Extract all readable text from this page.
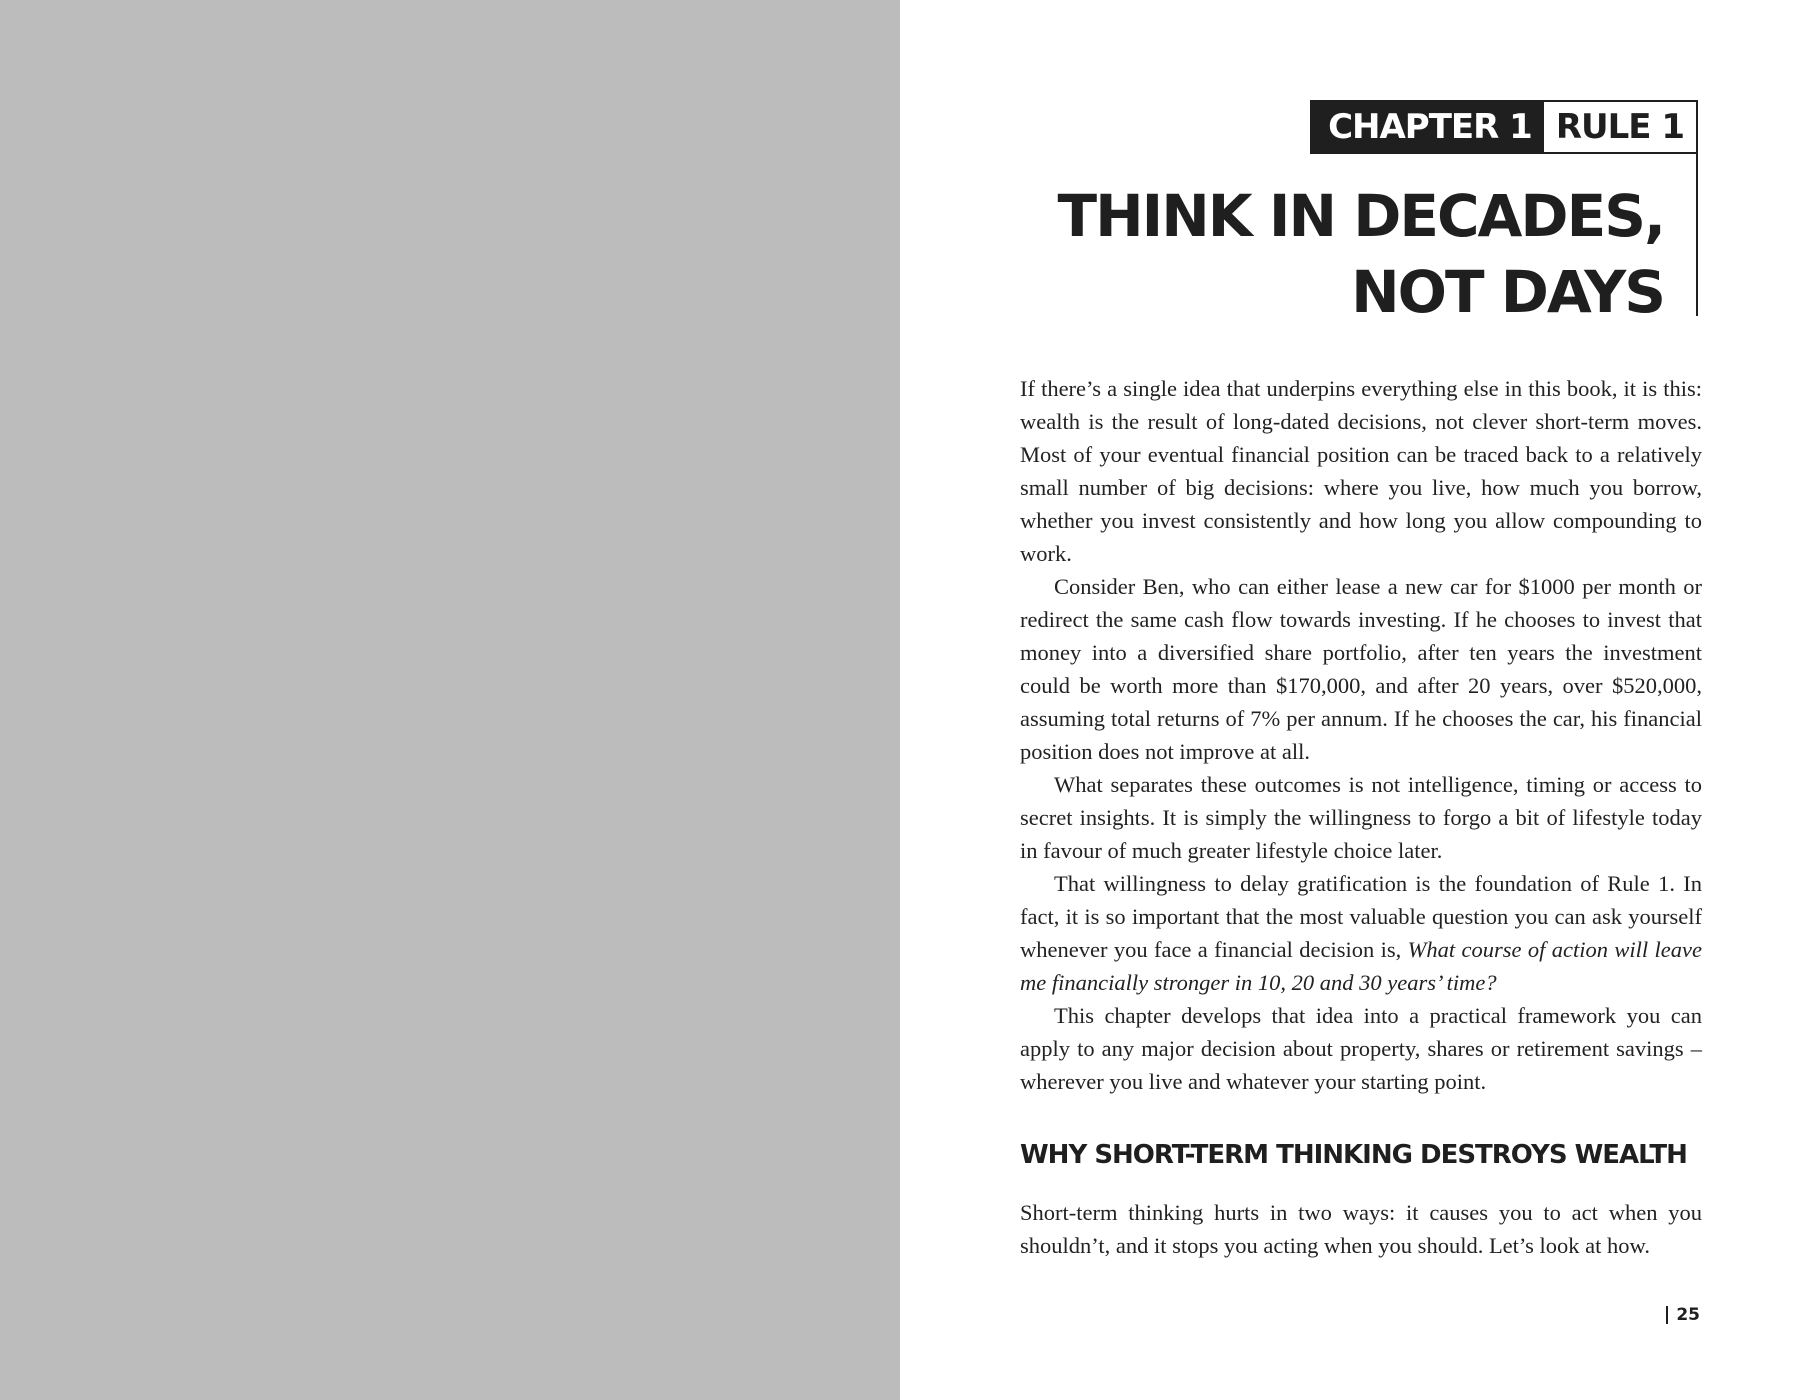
CHAPTER 1 RULE 1
THINK IN DECADES,
NOT DAYS

If there’s a single idea that underpins everything else in this book, it is this: wealth is the result of long-dated decisions, not clever short-term moves. Most of your eventual financial position can be traced back to a relatively small number of big decisions: where you live, how much you borrow, whether you invest consistently and how long you allow compounding to work.

Consider Ben, who can either lease a new car for $1000 per month or redirect the same cash flow towards investing. If he chooses to invest that money into a diversified share portfolio, after ten years the investment could be worth more than $170,000, and after 20 years, over $520,000, assuming total returns of 7% per annum. If he chooses the car, his financial position does not improve at all.

What separates these outcomes is not intelligence, timing or access to secret insights. It is simply the willingness to forgo a bit of lifestyle today in favour of much greater lifestyle choice later.

That willingness to delay gratification is the foundation of Rule 1. In fact, it is so important that the most valuable question you can ask yourself whenever you face a financial decision is, What course of action will leave me financially stronger in 10, 20 and 30 years’ time?

This chapter develops that idea into a practical framework you can apply to any major decision about property, shares or retirement savings – wherever you live and whatever your starting point.

WHY SHORT-TERM THINKING DESTROYS WEALTH

Short-term thinking hurts in two ways: it causes you to act when you shouldn’t, and it stops you acting when you should. Let’s look at how.

25
